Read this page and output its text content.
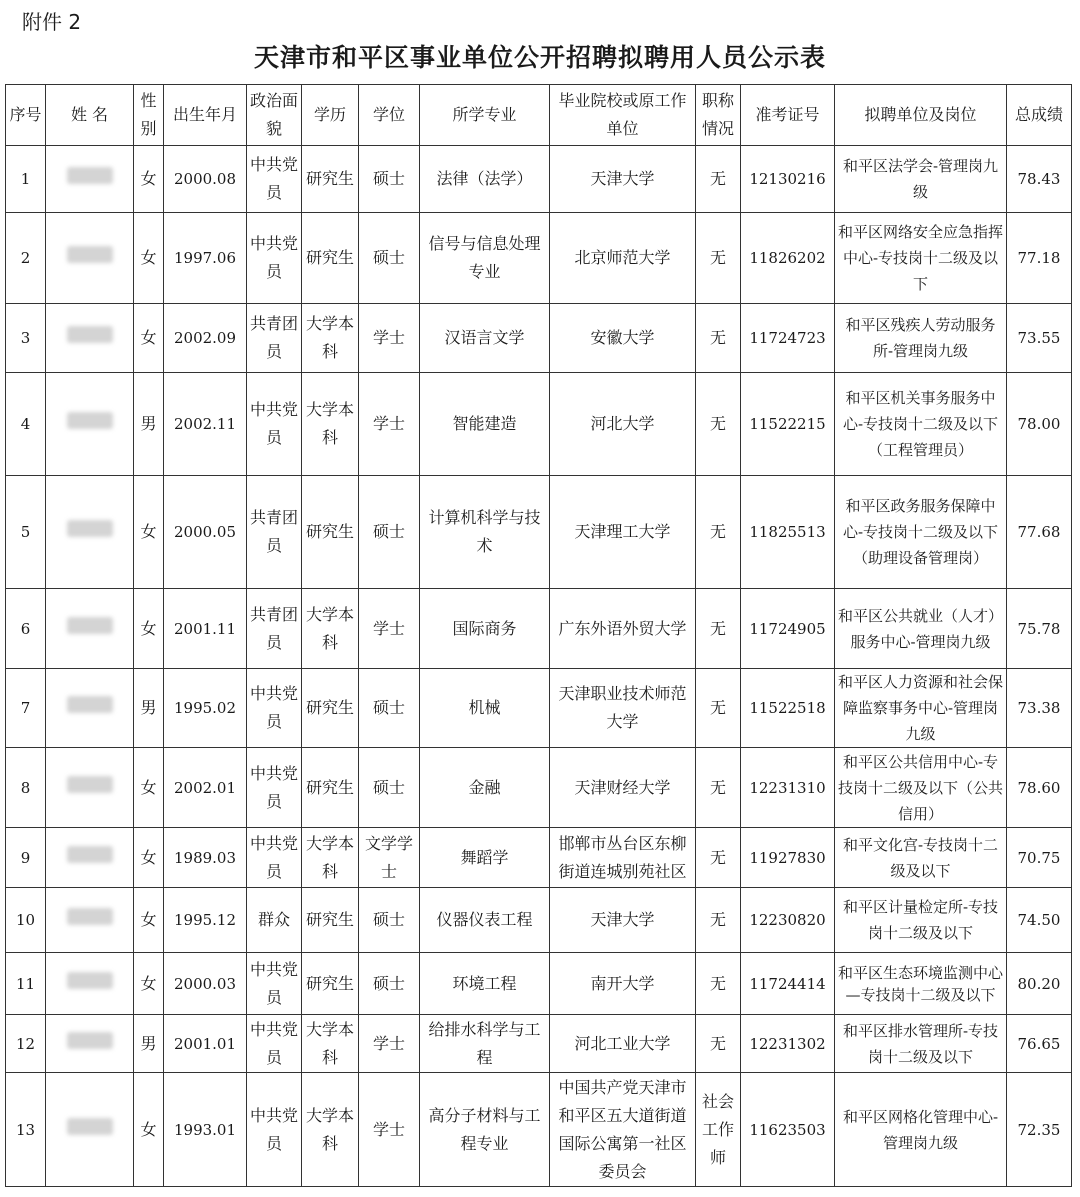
附件 2
天津市和平区事业单位公开招聘拟聘用人员公示表
序号	姓 名	性别	出生年月	政治面貌	学历	学位	所学专业	毕业院校或原工作单位	职称情况	准考证号	拟聘单位及岗位	总成绩
1		女	2000.08	中共党员	研究生	硕士	法律（法学）	天津大学	无	12130216	和平区法学会-管理岗九级	78.43
2		女	1997.06	中共党员	研究生	硕士	信号与信息处理专业	北京师范大学	无	11826202	和平区网络安全应急指挥中心-专技岗十二级及以下	77.18
3		女	2002.09	共青团员	大学本科	学士	汉语言文学	安徽大学	无	11724723	和平区残疾人劳动服务所-管理岗九级	73.55
4		男	2002.11	中共党员	大学本科	学士	智能建造	河北大学	无	11522215	和平区机关事务服务中心-专技岗十二级及以下（工程管理员）	78.00
5		女	2000.05	共青团员	研究生	硕士	计算机科学与技术	天津理工大学	无	11825513	和平区政务服务保障中心-专技岗十二级及以下（助理设备管理岗）	77.68
6		女	2001.11	共青团员	大学本科	学士	国际商务	广东外语外贸大学	无	11724905	和平区公共就业（人才）服务中心-管理岗九级	75.78
7		男	1995.02	中共党员	研究生	硕士	机械	天津职业技术师范大学	无	11522518	和平区人力资源和社会保障监察事务中心-管理岗九级	73.38
8		女	2002.01	中共党员	研究生	硕士	金融	天津财经大学	无	12231310	和平区公共信用中心-专技岗十二级及以下（公共信用）	78.60
9		女	1989.03	中共党员	大学本科	文学学士	舞蹈学	邯郸市丛台区东柳街道连城别苑社区	无	11927830	和平文化宫-专技岗十二级及以下	70.75
10		女	1995.12	群众	研究生	硕士	仪器仪表工程	天津大学	无	12230820	和平区计量检定所-专技岗十二级及以下	74.50
11		女	2000.03	中共党员	研究生	硕士	环境工程	南开大学	无	11724414	和平区生态环境监测中心—专技岗十二级及以下	80.20
12		男	2001.01	中共党员	大学本科	学士	给排水科学与工程	河北工业大学	无	12231302	和平区排水管理所-专技岗十二级及以下	76.65
13		女	1993.01	中共党员	大学本科	学士	高分子材料与工程专业	中国共产党天津市和平区五大道街道国际公寓第一社区委员会	社会工作师	11623503	和平区网格化管理中心-管理岗九级	72.35
